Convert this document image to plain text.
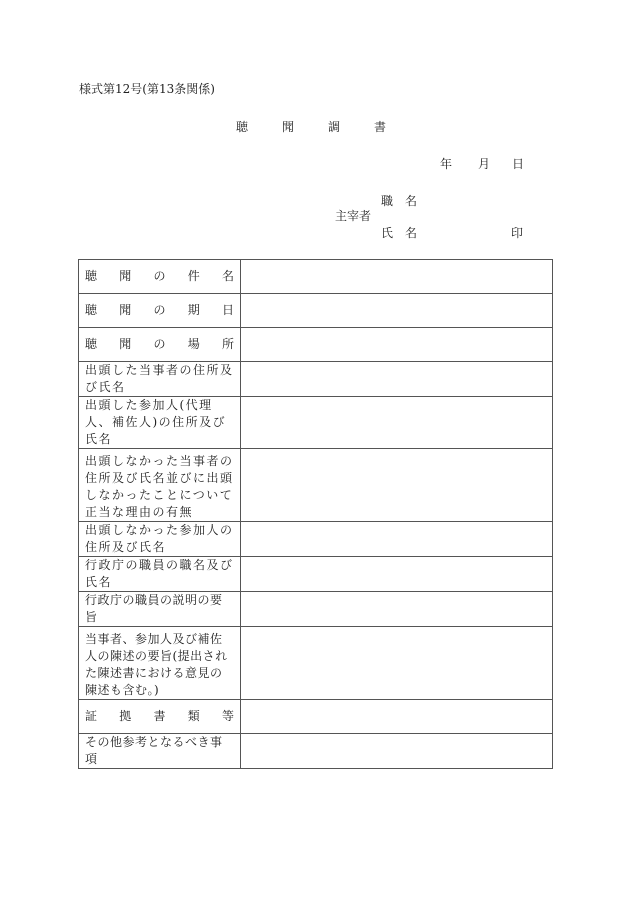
様式第12号(第13条関係)
聴	聞	調	書
年 月 日
職 名
主宰者
氏 名	印
聴 聞 の 件 名	

聴 聞 の 期 日	

聴 聞 の 場 所	

出頭した当事者の住所及び氏名	
出頭した参加人(代理人、補佐人)の住所及び氏名	
出頭しなかった当事者の住所及び氏名並びに出頭しなかったことについて正当な理由の有無	
出頭しなかった参加人の住所及び氏名	
行政庁の職員の職名及び氏名	
行政庁の職員の説明の要旨	
当事者、参加人及び補佐人の陳述の要旨(提出された陳述書における意見の陳述も含む。)	

証 拠 書 類 等	

その他参考となるべき事項	
